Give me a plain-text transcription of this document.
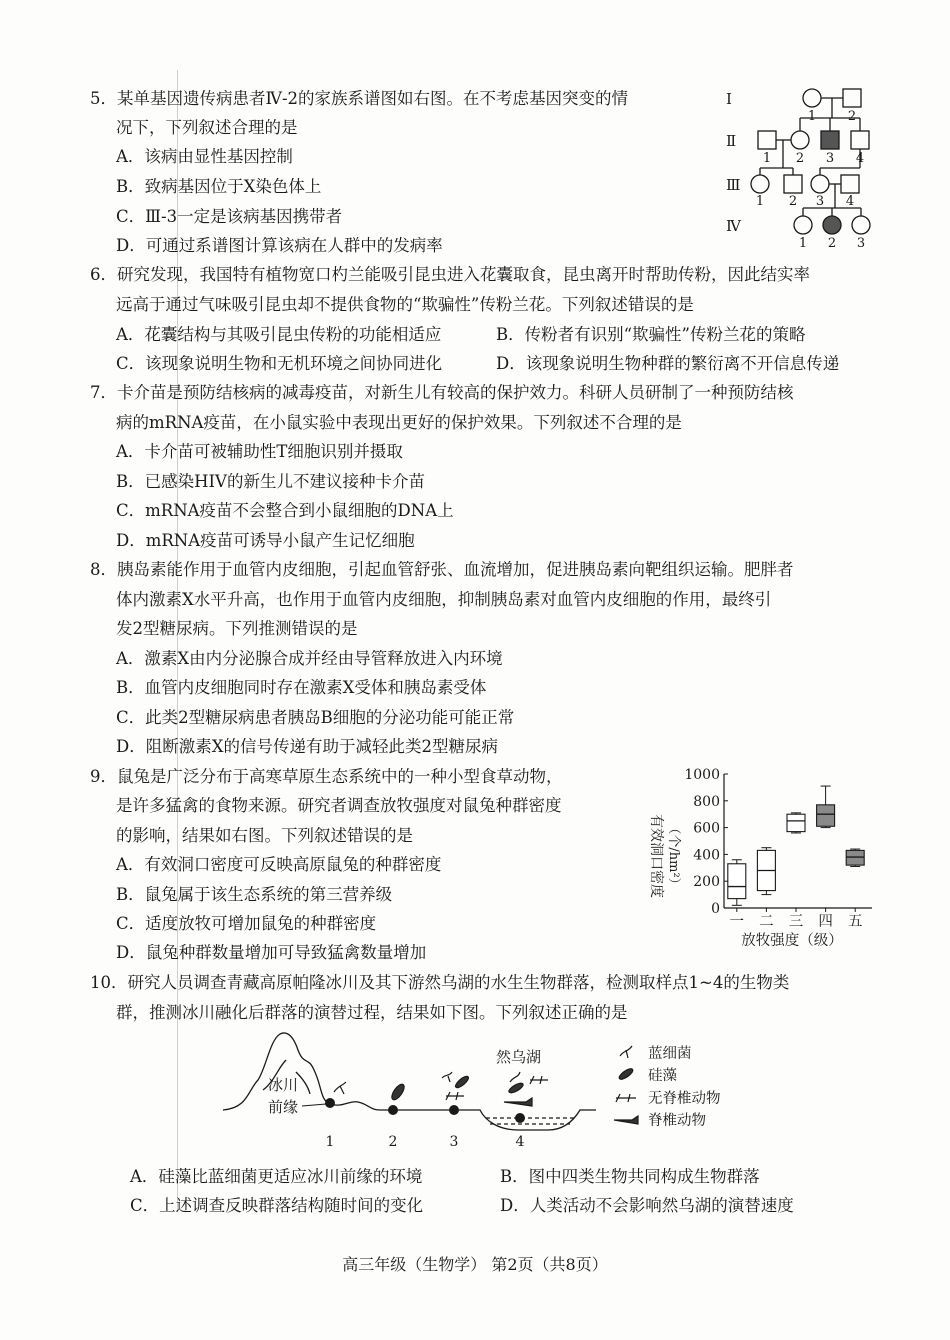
5．某单基因遗传病患者Ⅳ-2的家族系谱图如右图。在不考虑基因突变的情
况下，下列叙述合理的是
A．该病由显性基因控制
B．致病基因位于X染色体上
C．Ⅲ-3一定是该病基因携带者
D．可通过系谱图计算该病在人群中的发病率
Ⅰ
Ⅱ
Ⅲ
Ⅳ
1 2
1 2 3 4
1 2 3 4
1 2 3
6．研究发现，我国特有植物宽口杓兰能吸引昆虫进入花囊取食，昆虫离开时帮助传粉，因此结实率
远高于通过气味吸引昆虫却不提供食物的“欺骗性”传粉兰花。下列叙述错误的是
A．花囊结构与其吸引昆虫传粉的功能相适应	B．传粉者有识别“欺骗性”传粉兰花的策略
C．该现象说明生物和无机环境之间协同进化	D．该现象说明生物种群的繁衍离不开信息传递
7．卡介苗是预防结核病的减毒疫苗，对新生儿有较高的保护效力。科研人员研制了一种预防结核
病的mRNA疫苗，在小鼠实验中表现出更好的保护效果。下列叙述不合理的是
A．卡介苗可被辅助性T细胞识别并摄取
B．已感染HIV的新生儿不建议接种卡介苗
C．mRNA疫苗不会整合到小鼠细胞的DNA上
D．mRNA疫苗可诱导小鼠产生记忆细胞
8．胰岛素能作用于血管内皮细胞，引起血管舒张、血流增加，促进胰岛素向靶组织运输。肥胖者
体内激素X水平升高，也作用于血管内皮细胞，抑制胰岛素对血管内皮细胞的作用，最终引
发2型糖尿病。下列推测错误的是
A．激素X由内分泌腺合成并经由导管释放进入内环境
B．血管内皮细胞同时存在激素X受体和胰岛素受体
C．此类2型糖尿病患者胰岛B细胞的分泌功能可能正常
D．阻断激素X的信号传递有助于减轻此类2型糖尿病
9．鼠兔是广泛分布于高寒草原生态系统中的一种小型食草动物，
是许多猛禽的食物来源。研究者调查放牧强度对鼠兔种群密度
的影响，结果如右图。下列叙述错误的是
A．有效洞口密度可反映高原鼠兔的种群密度
B．鼠兔属于该生态系统的第三营养级
C．适度放牧可增加鼠兔的种群密度
D．鼠兔种群数量增加可导致猛禽数量增加
有效洞口密度 （个/hm²）
放牧强度（级）
0
200
400
600
800
1000
一 二 三 四 五
10．研究人员调查青藏高原帕隆冰川及其下游然乌湖的水生生物群落，检测取样点1~4的生物类
群，推测冰川融化后群落的演替过程，结果如下图。下列叙述正确的是
冰川
前缘
然乌湖
1	2	3	4
蓝细菌
硅藻
无脊椎动物
脊椎动物
A．硅藻比蓝细菌更适应冰川前缘的环境	B．图中四类生物共同构成生物群落
C．上述调查反映群落结构随时间的变化	D．人类活动不会影响然乌湖的演替速度
高三年级（生物学） 第2页（共8页）
